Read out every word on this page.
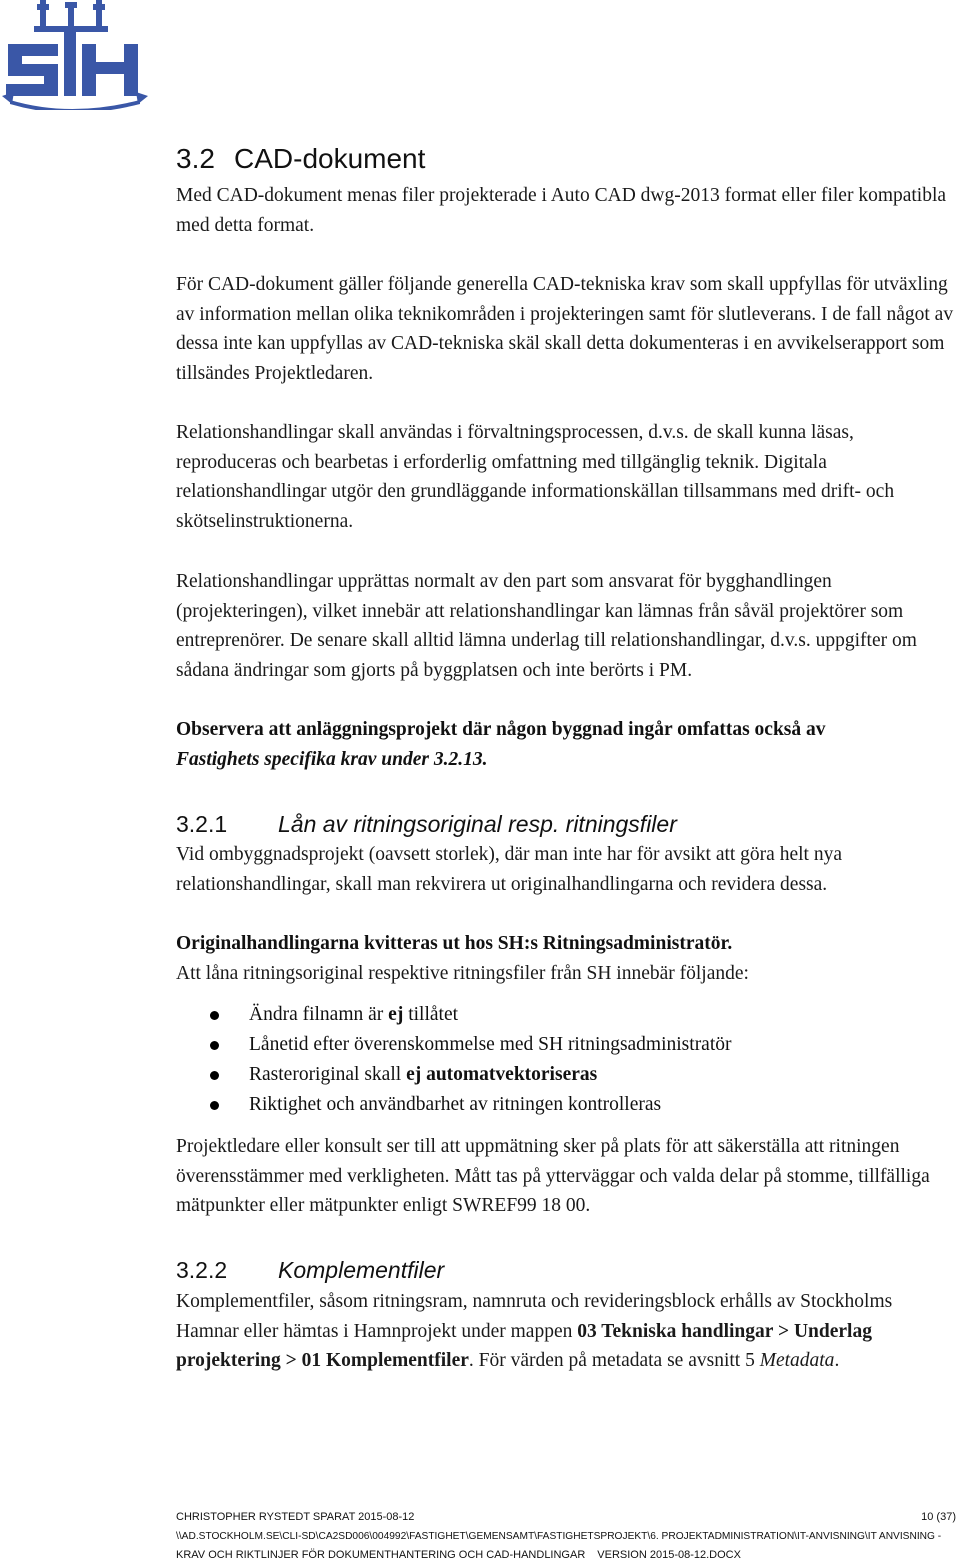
3.2 CAD-dokument
Med CAD-dokument menas filer projekterade i Auto CAD dwg-2013 format eller filer kompatibla med detta format.
För CAD-dokument gäller följande generella CAD-tekniska krav som skall uppfyllas för utväxling av information mellan olika teknikområden i projekteringen samt för slutleverans. I de fall något av dessa inte kan uppfyllas av CAD-tekniska skäl skall detta dokumenteras i en avvikelserapport som tillsändes Projektledaren.
Relationshandlingar skall användas i förvaltningsprocessen, d.v.s. de skall kunna läsas, reproduceras och bearbetas i erforderlig omfattning med tillgänglig teknik. Digitala relationshandlingar utgör den grundläggande informationskällan tillsammans med drift- och skötselinstruktionerna.
Relationshandlingar upprättas normalt av den part som ansvarat för bygghandlingen (projekteringen), vilket innebär att relationshandlingar kan lämnas från såväl projektörer som entreprenörer. De senare skall alltid lämna underlag till relationshandlingar, d.v.s. uppgifter om sådana ändringar som gjorts på byggplatsen och inte berörts i PM.
Observera att anläggningsprojekt där någon byggnad ingår omfattas också av
Fastighets specifika krav under 3.2.13.
3.2.1 Lån av ritningsoriginal resp. ritningsfiler
Vid ombyggnadsprojekt (oavsett storlek), där man inte har för avsikt att göra helt nya relationshandlingar, skall man rekvirera ut originalhandlingarna och revidera dessa.
Originalhandlingarna kvitteras ut hos SH:s Ritningsadministratör.
Att låna ritningsoriginal respektive ritningsfiler från SH innebär följande:
Ändra filnamn är ej tillåtet
Lånetid efter överenskommelse med SH ritningsadministratör
Rasteroriginal skall ej automatvektoriseras
Riktighet och användbarhet av ritningen kontrolleras
Projektledare eller konsult ser till att uppmätning sker på plats för att säkerställa att ritningen överensstämmer med verkligheten. Mått tas på ytterväggar och valda delar på stomme, tillfälliga mätpunkter eller mätpunkter enligt SWREF99 18 00.
3.2.2 Komplementfiler
Komplementfiler, såsom ritningsram, namnruta och revideringsblock erhålls av Stockholms Hamnar eller hämtas i Hamnprojekt under mappen 03 Tekniska handlingar > Underlag projektering > 01 Komplementfiler. För värden på metadata se avsnitt 5 Metadata.
CHRISTOPHER RYSTEDT SPARAT 2015-08-12	10 (37)
\\AD.STOCKHOLM.SE\CLI-SD\CA2SD006\004992\FASTIGHET\GEMENSAMT\FASTIGHETSPROJEKT\6. PROJEKTADMINISTRATION\IT-ANVISNING\IT ANVISNING -
KRAV OCH RIKTLINJER FÖR DOKUMENTHANTERING OCH CAD-HANDLINGAR VERSION 2015-08-12.DOCX
